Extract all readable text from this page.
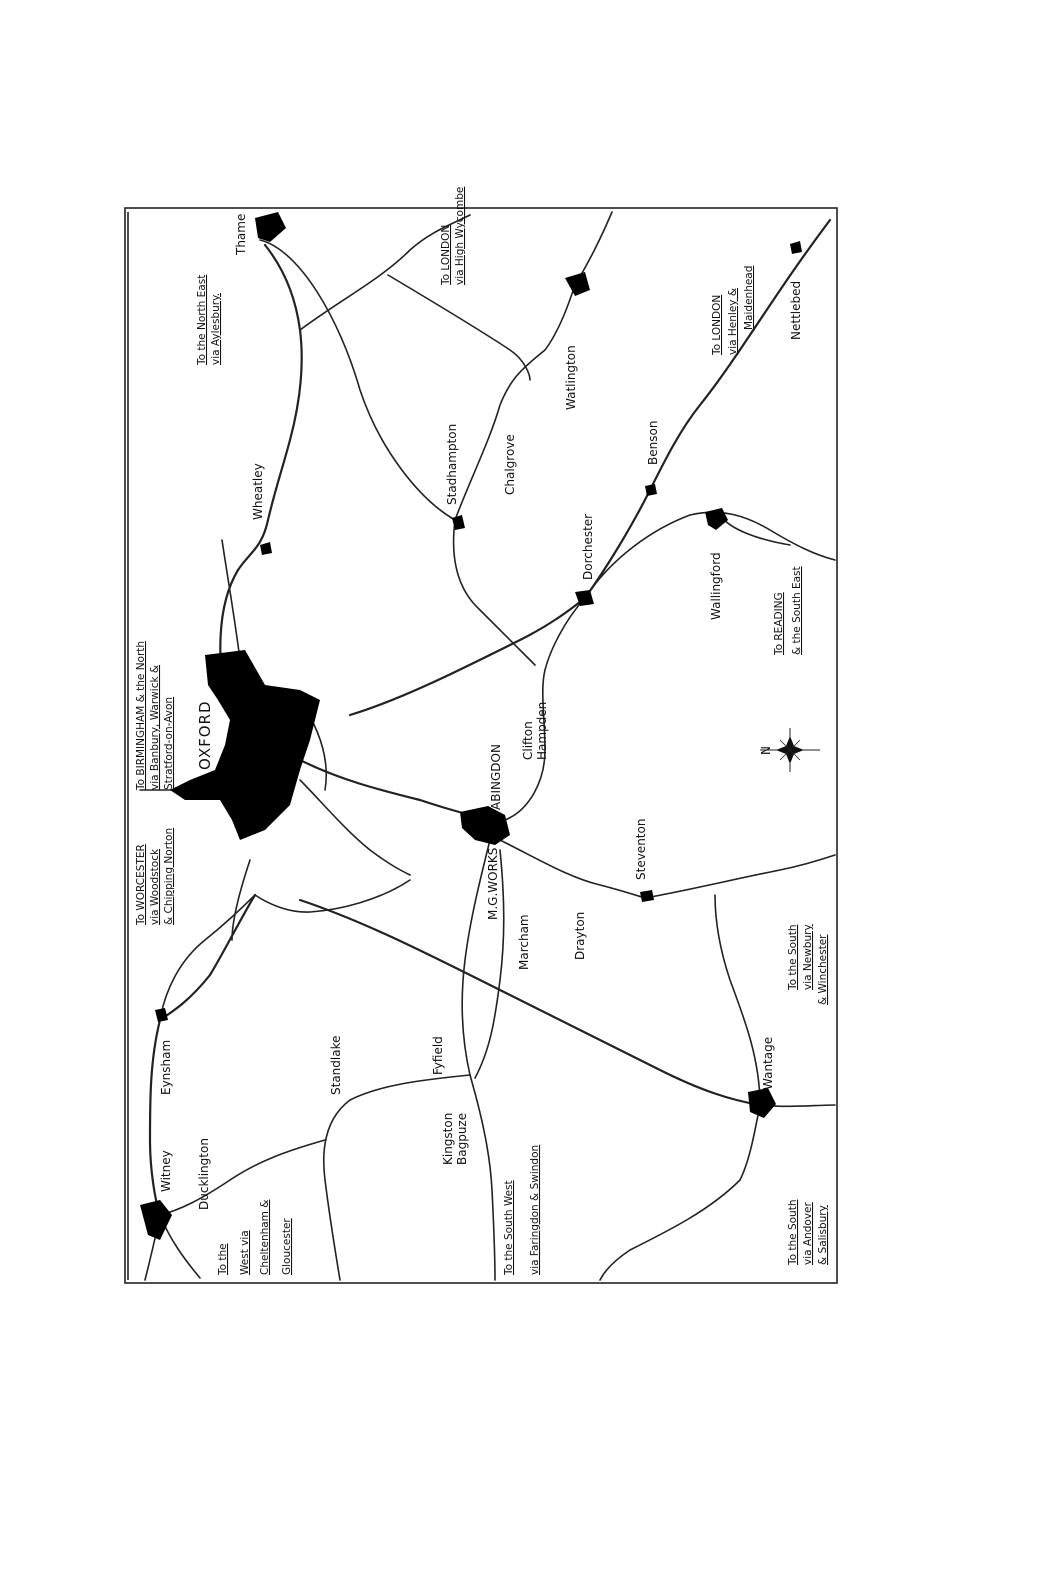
OXFORD
ABINGDON
M.G.WORKS
Thame
Wheatley	Stadhampton	Chalgrove
Watlington
Dorchester
Benson
Wallingford
Nettlebed
Clifton Hampden
Steventon
Drayton
Marcham
Fyfield
Kingston Bagpuze
Standlake
Eynsham
Witney Ducklington
Wantage
To the North East via Aylesbury.
To LONDON via High Wycombe
To LONDON via Henley & Maidenhead
To READING & the South East
To BIRMINGHAM & the North via Banbury, Warwick & Stratford-on-Avon
To WORCESTER via Woodstock & Chipping Norton
To the South via Newbury & Winchester
To the South via Andover & Salisbury
To the South West via Faringdon & Swindon
To the West via Cheltenham & Gloucester
N
